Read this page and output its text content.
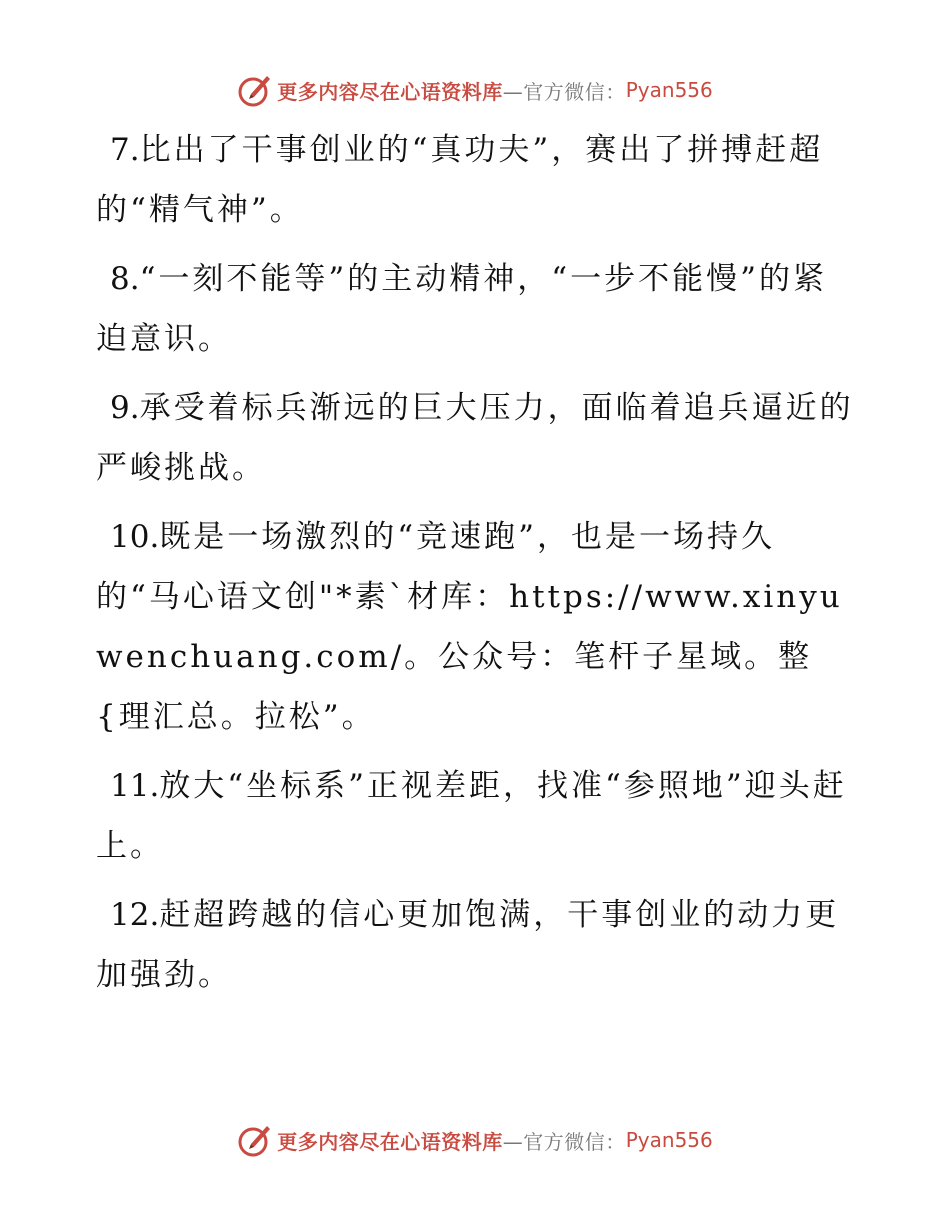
更多内容尽在心语资料库 —官方微信： Pyan556

7.比出了干事创业的“真功夫”，赛出了拼搏赶超的“精气神”。

8.“一刻不能等”的主动精神，“一步不能慢”的紧迫意识。

9.承受着标兵渐远的巨大压力，面临着追兵逼近的严峻挑战。

10.既是一场激烈的“竞速跑”，也是一场持久的“马心语文创"*素`材库：https://www.xinyuwenchuang.com/。公众号：笔杆子星域。整{理汇总。拉松”。

11.放大“坐标系”正视差距，找准“参照地”迎头赶上。

12.赶超跨越的信心更加饱满，干事创业的动力更加强劲。

更多内容尽在心语资料库 —官方微信： Pyan556
